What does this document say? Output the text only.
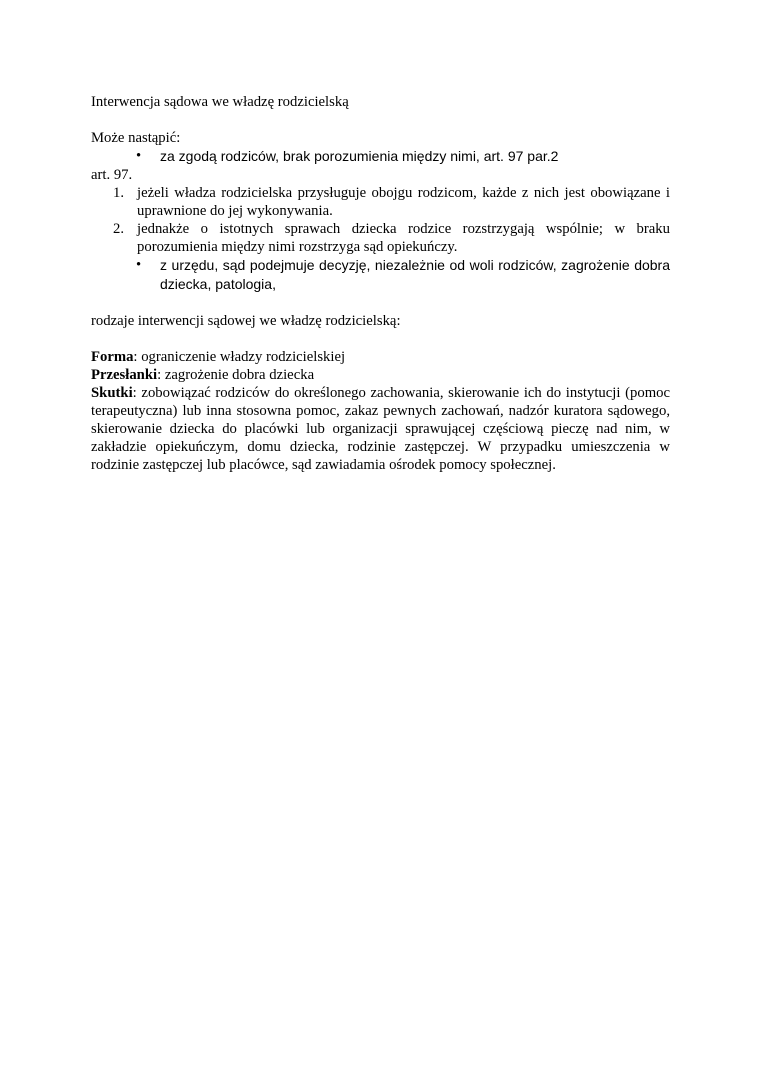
Interwencja sądowa we władzę rodzicielską

Może nastąpić:

• za zgodą rodziców, brak porozumienia między nimi, art. 97 par.2

art. 97.

1. jeżeli władza rodzicielska przysługuje obojgu rodzicom, każde z nich jest obowiązane i uprawnione do jej wykonywania.
2. jednakże o istotnych sprawach dziecka rodzice rozstrzygają wspólnie; w braku porozumienia między nimi rozstrzyga sąd opiekuńczy.
• z urzędu, sąd podejmuje decyzję, niezależnie od woli rodziców, zagrożenie dobra dziecka, patologia,

rodzaje interwencji sądowej we władzę rodzicielską:

Forma: ograniczenie władzy rodzicielskiej

Przesłanki: zagrożenie dobra dziecka

Skutki: zobowiązać rodziców do określonego zachowania, skierowanie ich do instytucji (pomoc terapeutyczna) lub inna stosowna pomoc, zakaz pewnych zachowań, nadzór kuratora sądowego, skierowanie dziecka do placówki lub organizacji sprawującej częściową pieczę nad nim, w zakładzie opiekuńczym, domu dziecka, rodzinie zastępczej. W przypadku umieszczenia w rodzinie zastępczej lub placówce, sąd zawiadamia ośrodek pomocy społecznej.
